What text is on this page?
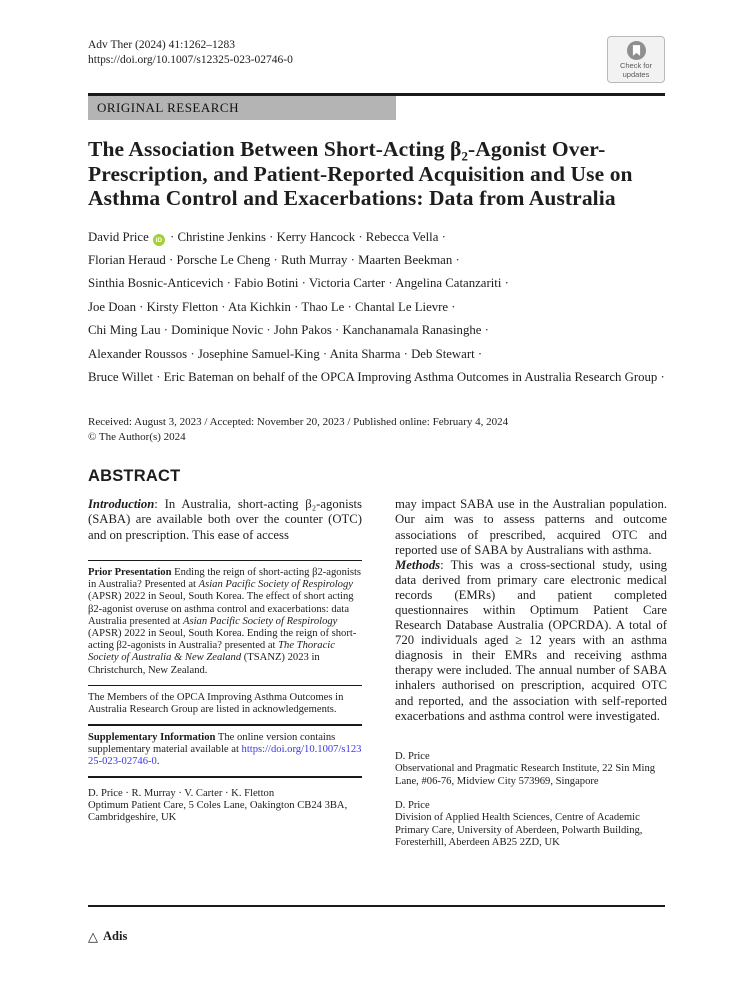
Adv Ther (2024) 41:1262–1283
https://doi.org/10.1007/s12325-023-02746-0	Check for
updates
ORIGINAL RESEARCH
The Association Between Short-Acting β₂-Agonist Over-Prescription, and Patient-Reported Acquisition and Use on Asthma Control and Exacerbations: Data from Australia
David Price iD · Christine Jenkins · Kerry Hancock · Rebecca Vella ·
Florian Heraud · Porsche Le Cheng · Ruth Murray · Maarten Beekman ·
Sinthia Bosnic-Anticevich · Fabio Botini · Victoria Carter · Angelina Catanzariti ·
Joe Doan · Kirsty Fletton · Ata Kichkin · Thao Le · Chantal Le Lievre ·
Chi Ming Lau · Dominique Novic · John Pakos · Kanchanamala Ranasinghe ·
Alexander Roussos · Josephine Samuel-King · Anita Sharma · Deb Stewart ·
Bruce Willet · Eric Bateman on behalf of the OPCA Improving Asthma Outcomes in Australia Research Group ·
Received: August 3, 2023 / Accepted: November 20, 2023 / Published online: February 4, 2024
© The Author(s) 2024
ABSTRACT

Introduction: In Australia, short-acting β₂-agonists (SABA) are available both over the counter (OTC) and on prescription. This ease of access

Prior Presentation Ending the reign of short-acting β2-agonists in Australia? Presented at Asian Pacific Society of Respirology (APSR) 2022 in Seoul, South Korea. The effect of short acting β2-agonist overuse on asthma control and exacerbations: data Australia presented at Asian Pacific Society of Respirology (APSR) 2022 in Seoul, South Korea. Ending the reign of short-acting β2-agonists in Australia? presented at The Thoracic Society of Australia & New Zealand (TSANZ) 2023 in Christchurch, New Zealand.
The Members of the OPCA Improving Asthma Outcomes in Australia Research Group are listed in acknowledgements.
Supplementary Information The online version contains supplementary material available at https://doi.org/10.1007/s12325-023-02746-0.
D. Price · R. Murray · V. Carter · K. Fletton
Optimum Patient Care, 5 Coles Lane, Oakington CB24 3BA, Cambridgeshire, UK

may impact SABA use in the Australian population. Our aim was to assess patterns and outcome associations of prescribed, acquired OTC and reported use of SABA by Australians with asthma.

Methods: This was a cross-sectional study, using data derived from primary care electronic medical records (EMRs) and patient completed questionnaires within Optimum Patient Care Research Database Australia (OPCRDA). A total of 720 individuals aged ≥ 12 years with an asthma diagnosis in their EMRs and receiving asthma therapy were included. The annual number of SABA inhalers authorised on prescription, acquired OTC and reported, and the association with self-reported exacerbations and asthma control were investigated.

D. Price
Observational and Pragmatic Research Institute, 22 Sin Ming Lane, #06-76, Midview City 573969, Singapore
D. Price
Division of Applied Health Sciences, Centre of Academic Primary Care, University of Aberdeen, Polwarth Building, Foresterhill, Aberdeen AB25 2ZD, UK
△ Adis
